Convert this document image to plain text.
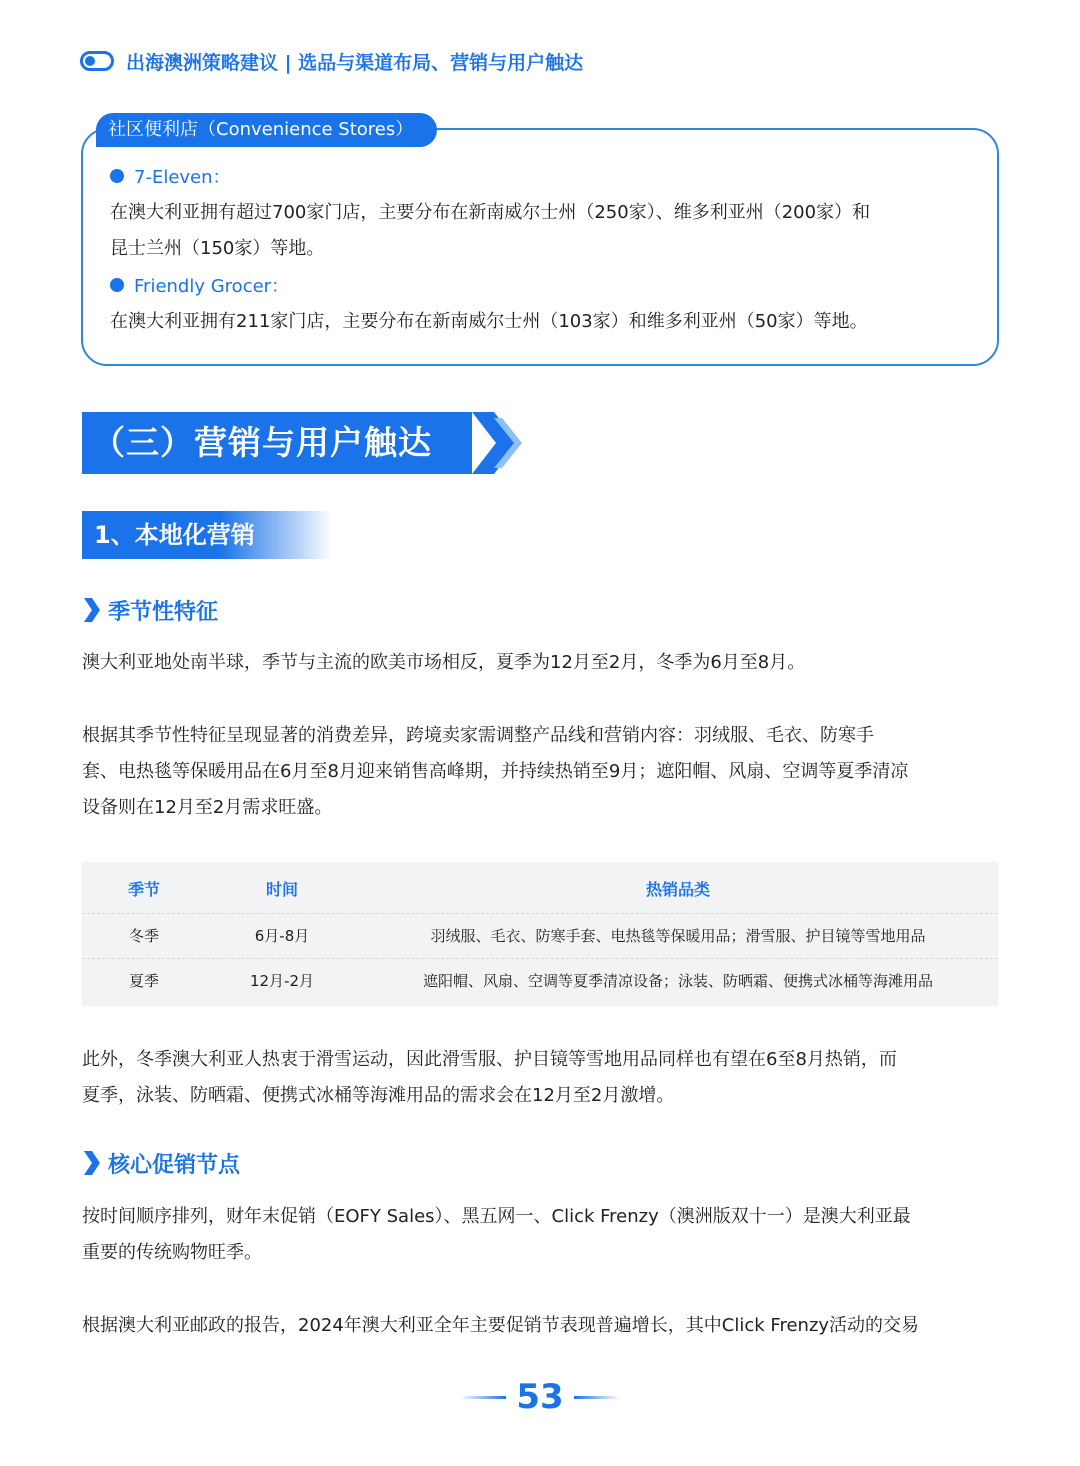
出海澳洲策略建议 | 选品与渠道布局、营销与用户触达
社区便利店（Convenience Stores）
7-Eleven：
在澳大利亚拥有超过700家门店，主要分布在新南威尔士州（250家）、维多利亚州（200家）和
昆士兰州（150家）等地。
Friendly Grocer：
在澳大利亚拥有211家门店，主要分布在新南威尔士州（103家）和维多利亚州（50家）等地。
（三）营销与用户触达
1、本地化营销
季节性特征
澳大利亚地处南半球，季节与主流的欧美市场相反，夏季为12月至2月，冬季为6月至8月。
根据其季节性特征呈现显著的消费差异，跨境卖家需调整产品线和营销内容：羽绒服、毛衣、防寒手
套、电热毯等保暖用品在6月至8月迎来销售高峰期，并持续热销至9月；遮阳帽、风扇、空调等夏季清凉
设备则在12月至2月需求旺盛。
季节	时间	热销品类
冬季	6月-8月	羽绒服、毛衣、防寒手套、电热毯等保暖用品；滑雪服、护目镜等雪地用品
夏季	12月-2月	遮阳帽、风扇、空调等夏季清凉设备；泳装、防晒霜、便携式冰桶等海滩用品
此外，冬季澳大利亚人热衷于滑雪运动，因此滑雪服、护目镜等雪地用品同样也有望在6至8月热销，而
夏季，泳装、防晒霜、便携式冰桶等海滩用品的需求会在12月至2月激增。
核心促销节点
按时间顺序排列，财年末促销（EOFY Sales）、黑五网一、Click Frenzy（澳洲版双十一）是澳大利亚最
重要的传统购物旺季。
根据澳大利亚邮政的报告，2024年澳大利亚全年主要促销节表现普遍增长，其中Click Frenzy活动的交易
53
